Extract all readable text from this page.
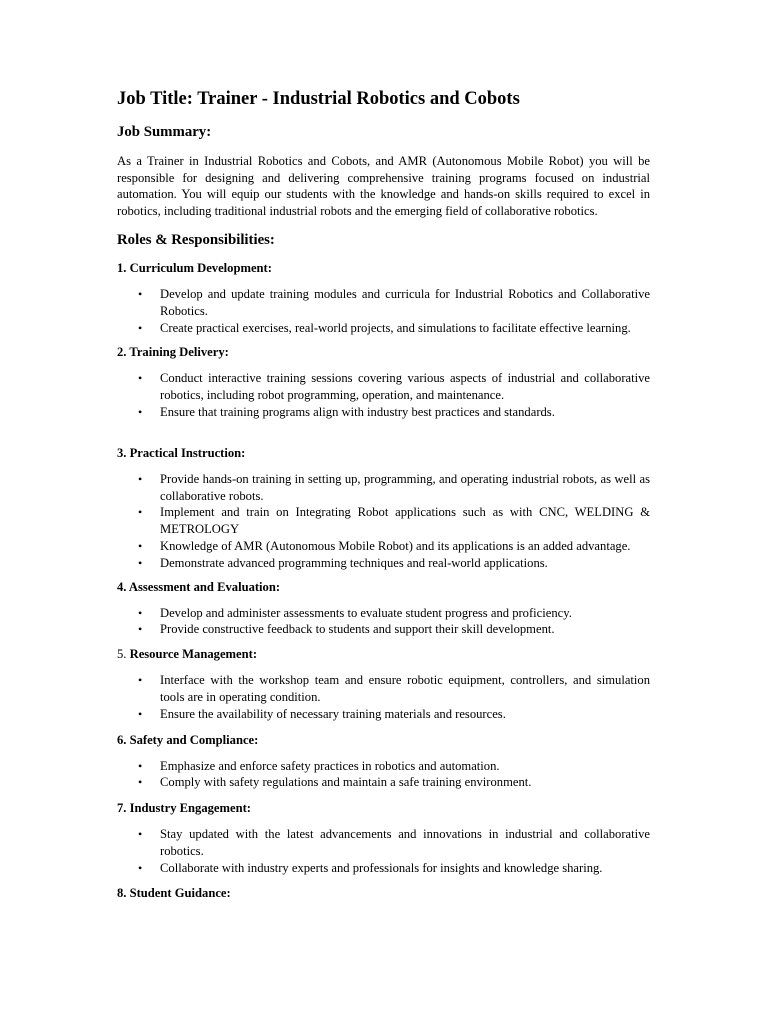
Job Title: Trainer - Industrial Robotics and Cobots
Job Summary:

As a Trainer in Industrial Robotics and Cobots, and AMR (Autonomous Mobile Robot) you will be responsible for designing and delivering comprehensive training programs focused on industrial automation. You will equip our students with the knowledge and hands-on skills required to excel in robotics, including traditional industrial robots and the emerging field of collaborative robotics.

Roles & Responsibilities:
1. Curriculum Development:
• Develop and update training modules and curricula for Industrial Robotics and Collaborative Robotics.
• Create practical exercises, real-world projects, and simulations to facilitate effective learning.
2. Training Delivery:
• Conduct interactive training sessions covering various aspects of industrial and collaborative robotics, including robot programming, operation, and maintenance.
• Ensure that training programs align with industry best practices and standards.
3. Practical Instruction:
• Provide hands-on training in setting up, programming, and operating industrial robots, as well as collaborative robots.
• Implement and train on Integrating Robot applications such as with CNC, WELDING & METROLOGY
• Knowledge of AMR (Autonomous Mobile Robot) and its applications is an added advantage.
• Demonstrate advanced programming techniques and real-world applications.
4. Assessment and Evaluation:
• Develop and administer assessments to evaluate student progress and proficiency.
• Provide constructive feedback to students and support their skill development.
5. Resource Management:
• Interface with the workshop team and ensure robotic equipment, controllers, and simulation tools are in operating condition.
• Ensure the availability of necessary training materials and resources.
6. Safety and Compliance:
• Emphasize and enforce safety practices in robotics and automation.
• Comply with safety regulations and maintain a safe training environment.
7. Industry Engagement:
• Stay updated with the latest advancements and innovations in industrial and collaborative robotics.
• Collaborate with industry experts and professionals for insights and knowledge sharing.
8. Student Guidance:
